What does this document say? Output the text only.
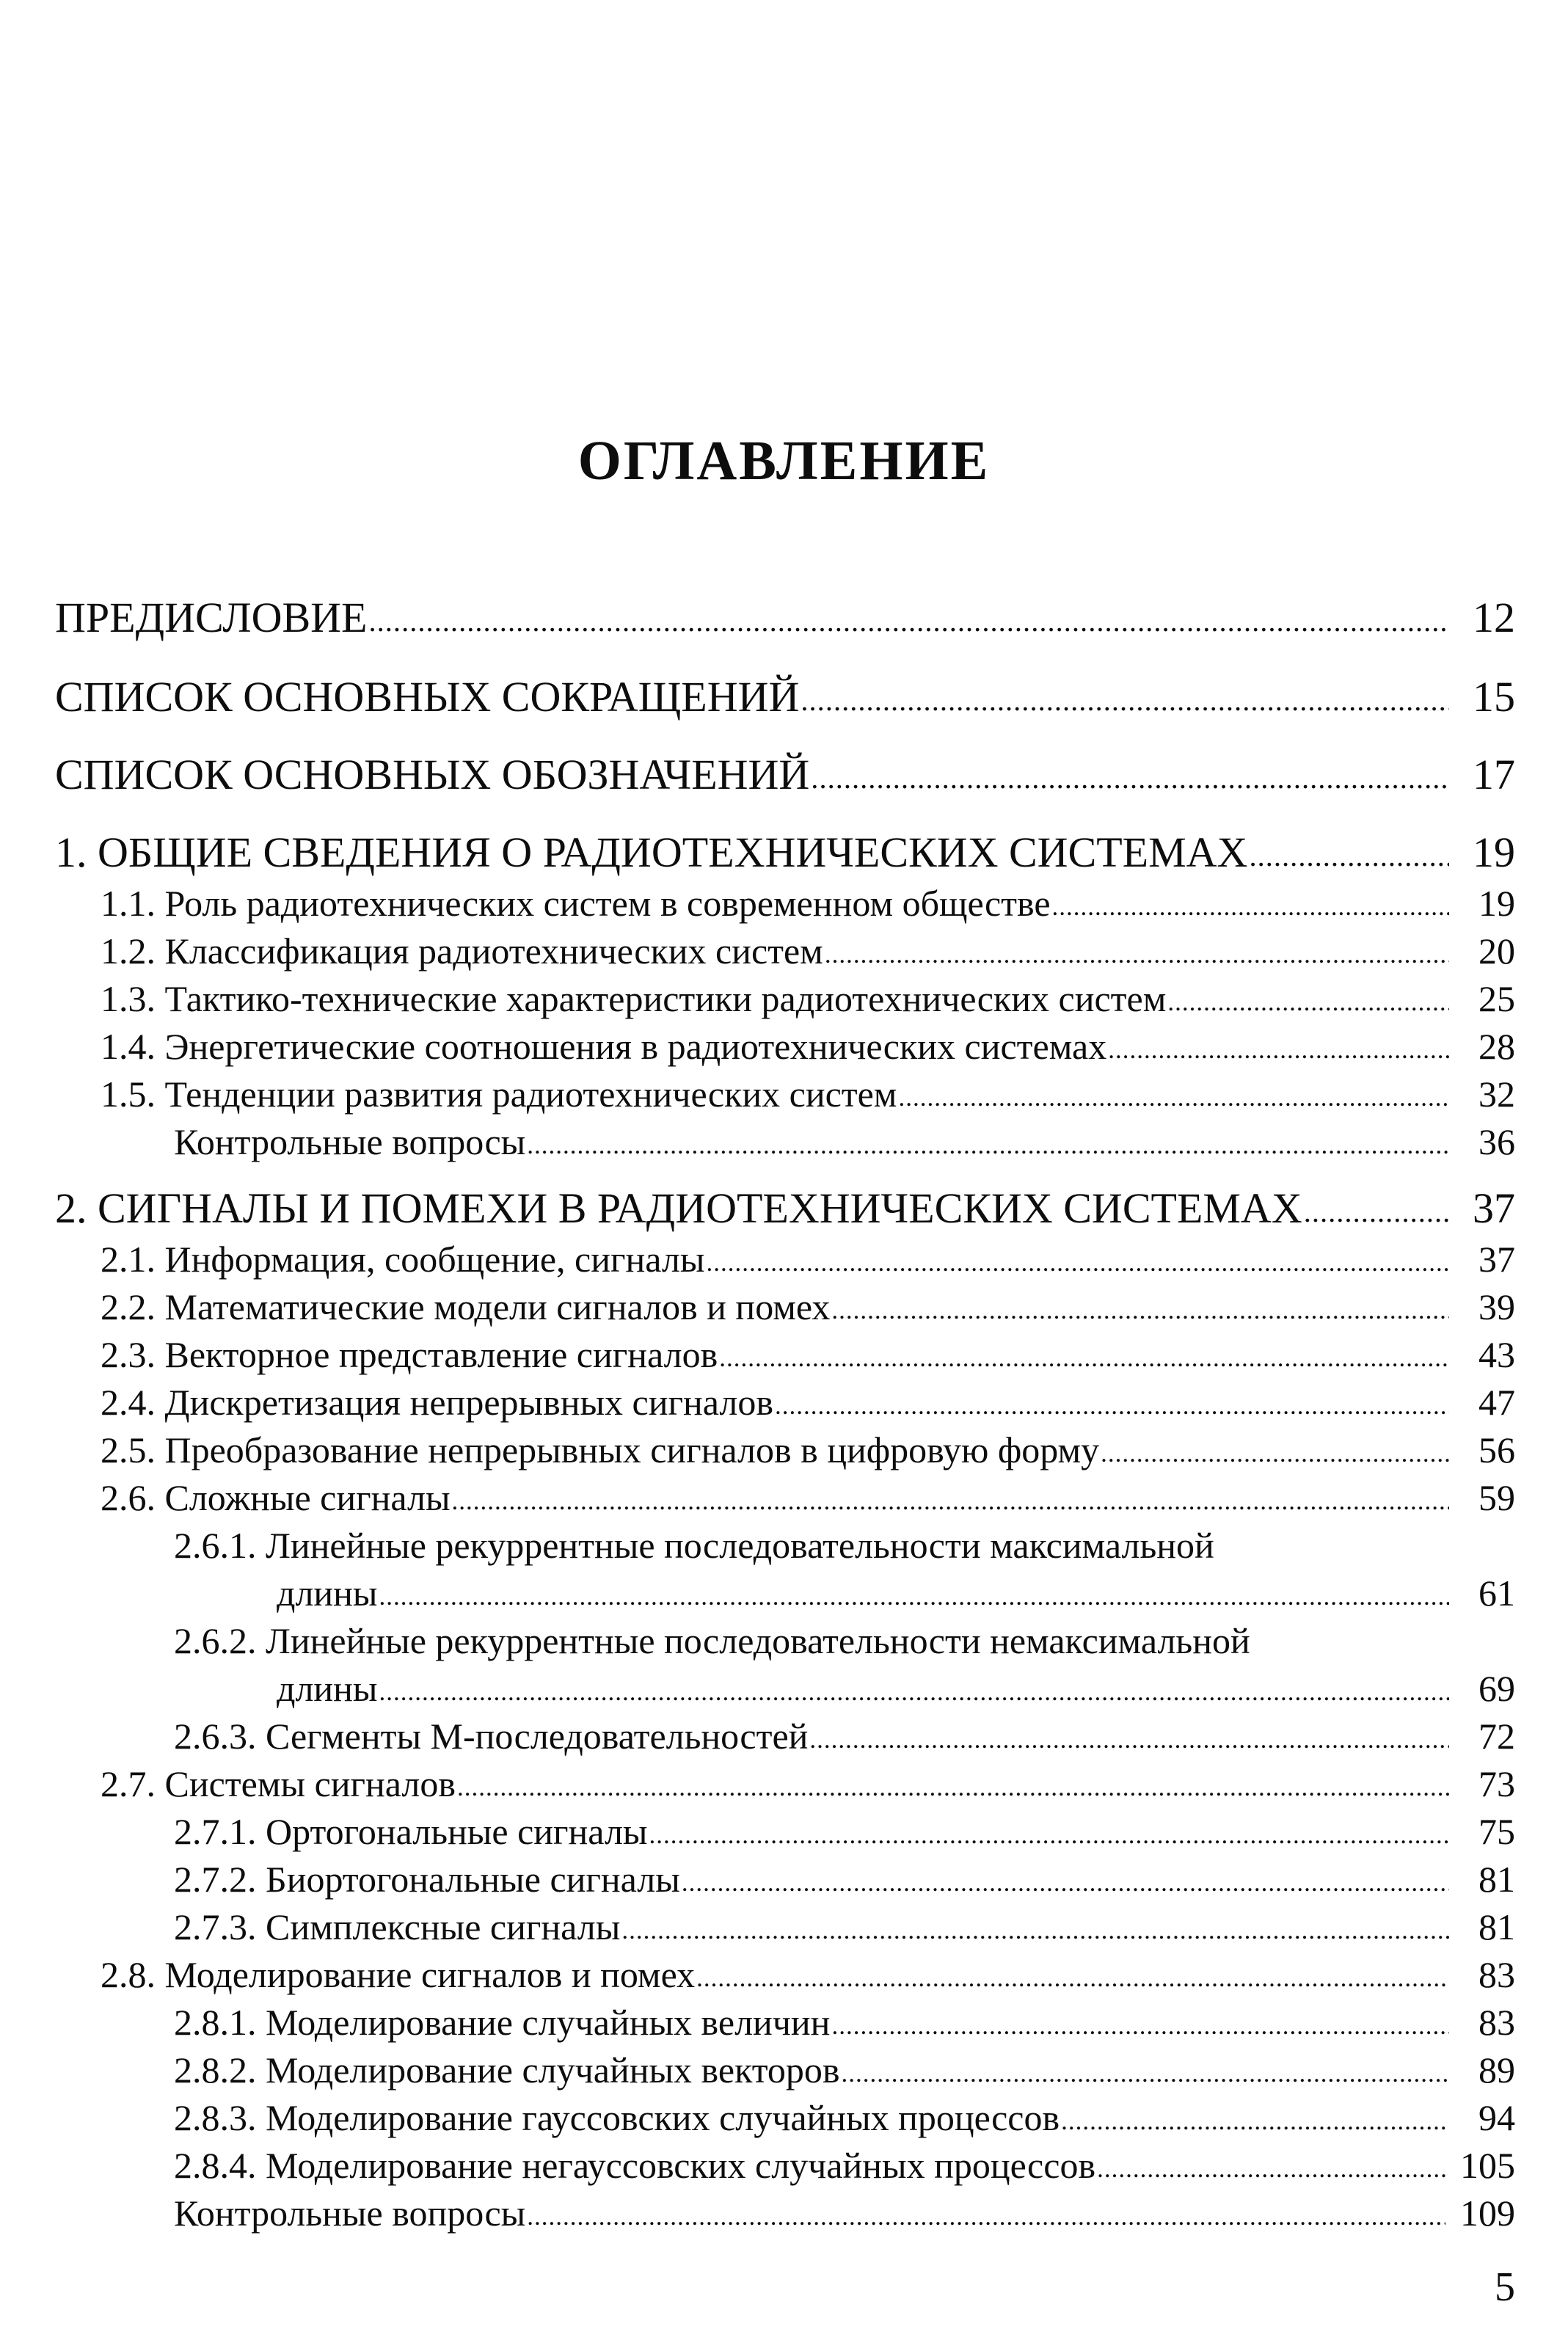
ОГЛАВЛЕНИЕ
ПРЕДИСЛОВИЕ .....	12
СПИСОК ОСНОВНЫХ СОКРАЩЕНИЙ .....	15
СПИСОК ОСНОВНЫХ ОБОЗНАЧЕНИЙ .....	17
1. ОБЩИЕ СВЕДЕНИЯ О РАДИОТЕХНИЧЕСКИХ СИСТЕМАХ .....	19
1.1. Роль радиотехнических систем в современном обществе .....	19
1.2. Классификация радиотехнических систем .....	20
1.3. Тактико-технические характеристики радиотехнических систем .....	25
1.4. Энергетические соотношения в радиотехнических системах .....	28
1.5. Тенденции развития радиотехнических систем .....	32
Контрольные вопросы .....	36
2. СИГНАЛЫ И ПОМЕХИ В РАДИОТЕХНИЧЕСКИХ СИСТЕМАХ .....	37
2.1. Информация, сообщение, сигналы .....	37
2.2. Математические модели сигналов и помех .....	39
2.3. Векторное представление сигналов .....	43
2.4. Дискретизация непрерывных сигналов .....	47
2.5. Преобразование непрерывных сигналов в цифровую форму .....	56
2.6. Сложные сигналы .....	59
2.6.1. Линейные рекуррентные последовательности максимальной
длины .....	61
2.6.2. Линейные рекуррентные последовательности немаксимальной
длины .....	69
2.6.3. Сегменты М-последовательностей .....	72
2.7. Системы сигналов .....	73
2.7.1. Ортогональные сигналы .....	75
2.7.2. Биортогональные сигналы .....	81
2.7.3. Симплексные сигналы .....	81
2.8. Моделирование сигналов и помех .....	83
2.8.1. Моделирование случайных величин .....	83
2.8.2. Моделирование случайных векторов .....	89
2.8.3. Моделирование гауссовских случайных процессов .....	94
2.8.4. Моделирование негауссовских случайных процессов .....	105
Контрольные вопросы .....	109
5
